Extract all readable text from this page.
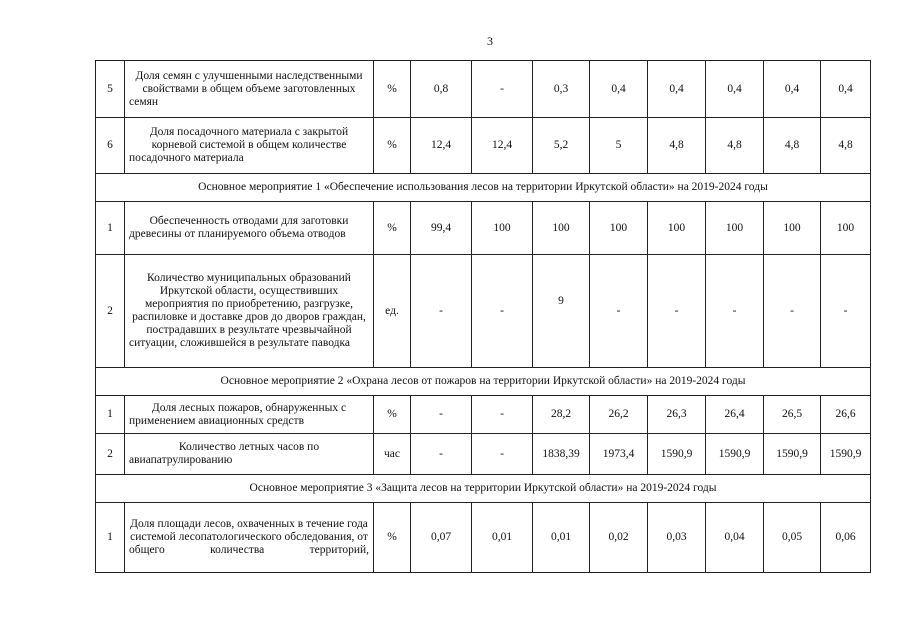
3
5	Доля семян с улучшенными наследственными свойствами в общем объеме заготовленных семян	%	0,8	-	0,3	0,4	0,4	0,4	0,4	0,4
6	Доля посадочного материала с закрытой корневой системой в общем количестве посадочного материала	%	12,4	12,4	5,2	5	4,8	4,8	4,8	4,8
Основное мероприятие 1 «Обеспечение использования лесов на территории Иркутской области» на 2019-2024 годы										
1	Обеспеченность отводами для заготовки древесины от планируемого объема отводов	%	99,4	100	100	100	100	100	100	100
2	Количество муниципальных образований Иркутской области, осуществивших мероприятия по приобретению, разгрузке, распиловке и доставке дров до дворов граждан, пострадавших в результате чрезвычайной ситуации, сложившейся в результате паводка	ед.	-	-	9	-	-	-	-	-
Основное мероприятие 2 «Охрана лесов от пожаров на территории Иркутской области» на 2019-2024 годы										
1	Доля лесных пожаров, обнаруженных с применением авиационных средств	%	-	-	28,2	26,2	26,3	26,4	26,5	26,6
2	Количество летных часов по авиапатрулированию	час	-	-	1838,39	1973,4	1590,9	1590,9	1590,9	1590,9
Основное мероприятие 3 «Защита лесов на территории Иркутской области» на 2019-2024 годы										
1	Доля площади лесов, охваченных в течение года системой лесопатологического обследования, от общего количества территорий,	%	0,07	0,01	0,01	0,02	0,03	0,04	0,05	0,06
